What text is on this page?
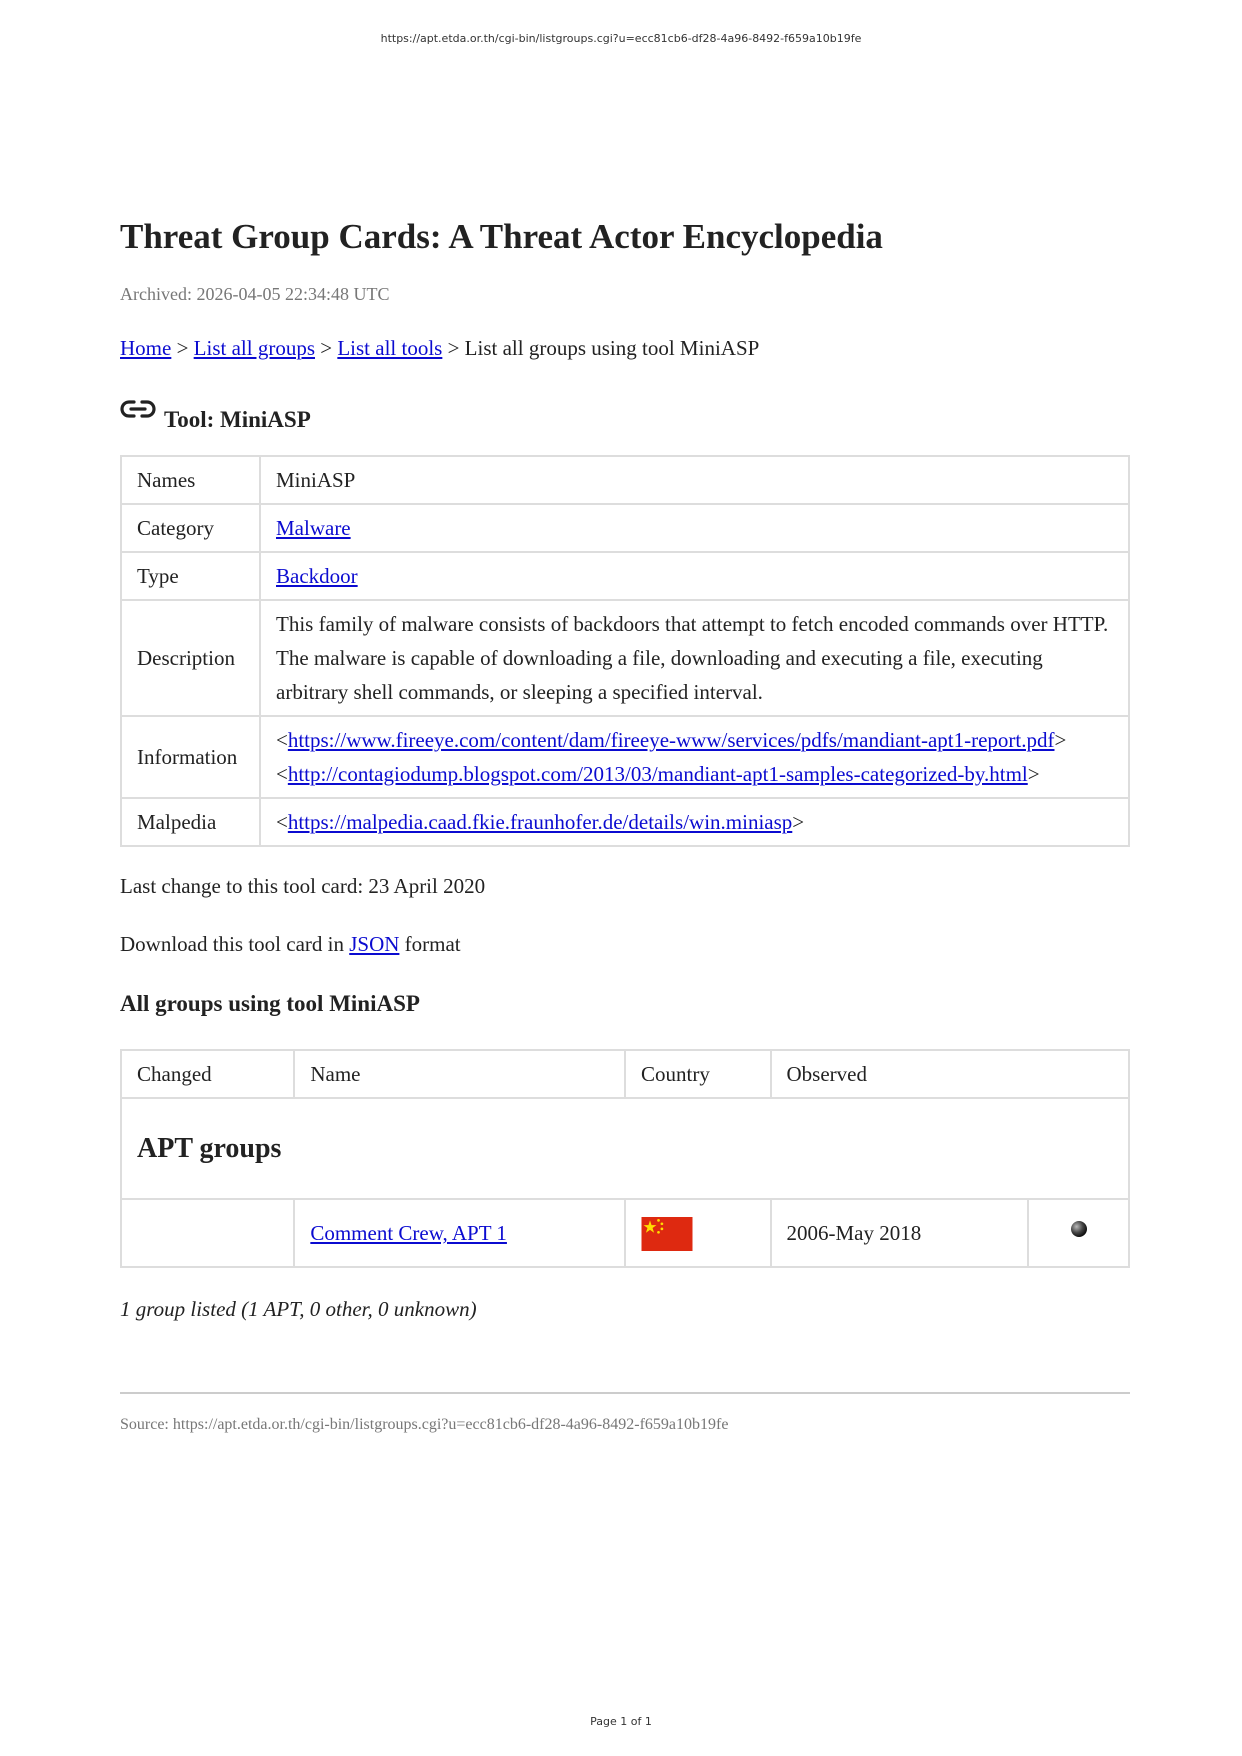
https://apt.etda.or.th/cgi-bin/listgroups.cgi?u=ecc81cb6-df28-4a96-8492-f659a10b19fe
Threat Group Cards: A Threat Actor Encyclopedia
Archived: 2026-04-05 22:34:48 UTC
Home > List all groups > List all tools > List all groups using tool MiniASP
Tool: MiniASP
Names	MiniASP
Category	Malware
Type	Backdoor
Description	This family of malware consists of backdoors that attempt to fetch encoded commands over HTTP. The malware is capable of downloading a file, downloading and executing a file, executing arbitrary shell commands, or sleeping a specified interval.
Information	<https://www.fireeye.com/content/dam/fireeye-www/services/pdfs/mandiant-apt1-report.pdf>
<http://contagiodump.blogspot.com/2013/03/mandiant-apt1-samples-categorized-by.html>
Malpedia	<https://malpedia.caad.fkie.fraunhofer.de/details/win.miniasp>
Last change to this tool card: 23 April 2020
Download this tool card in JSON format
All groups using tool MiniASP
Changed	Name	Country	Observed	
APT groups				
	Comment Crew, APT 1		2006-May 2018	
1 group listed (1 APT, 0 other, 0 unknown)
Source: https://apt.etda.or.th/cgi-bin/listgroups.cgi?u=ecc81cb6-df28-4a96-8492-f659a10b19fe
Page 1 of 1
